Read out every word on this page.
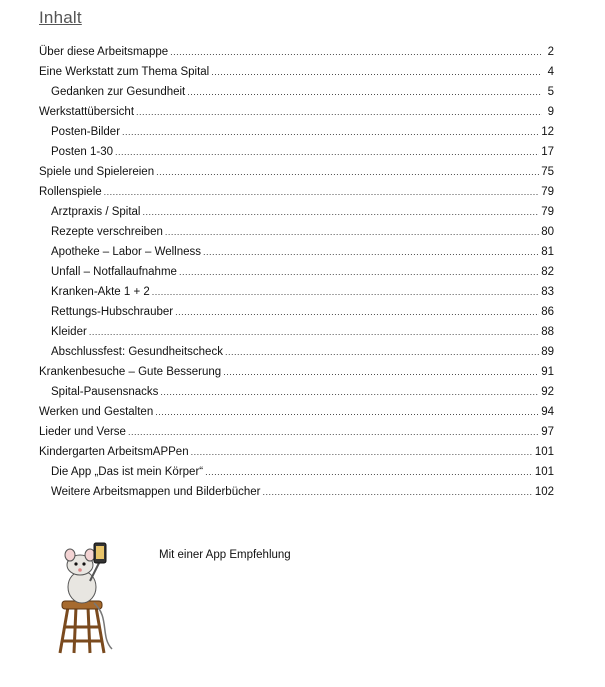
Inhalt
Über diese Arbeitsmappe .....	2
Eine Werkstatt zum Thema Spital .....	4
Gedanken zur Gesundheit .....	5
Werkstattübersicht .....	9
Posten-Bilder .....	12
Posten 1-30 .....	17
Spiele und Spielereien .....	75
Rollenspiele .....	79
Arztpraxis / Spital .....	79
Rezepte verschreiben .....	80
Apotheke – Labor – Wellness .....	81
Unfall – Notfallaufnahme .....	82
Kranken-Akte 1 + 2 .....	83
Rettungs-Hubschrauber .....	86
Kleider .....	88
Abschlussfest: Gesundheitscheck .....	89
Krankenbesuche – Gute Besserung .....	91
Spital-Pausensnacks .....	92
Werken und Gestalten .....	94
Lieder und Verse .....	97
Kindergarten ArbeitsmAPPen .....	101
Die App „Das ist mein Körper“ .....	101
Weitere Arbeitsmappen und Bilderbücher .....	102
Mit einer App Empfehlung
